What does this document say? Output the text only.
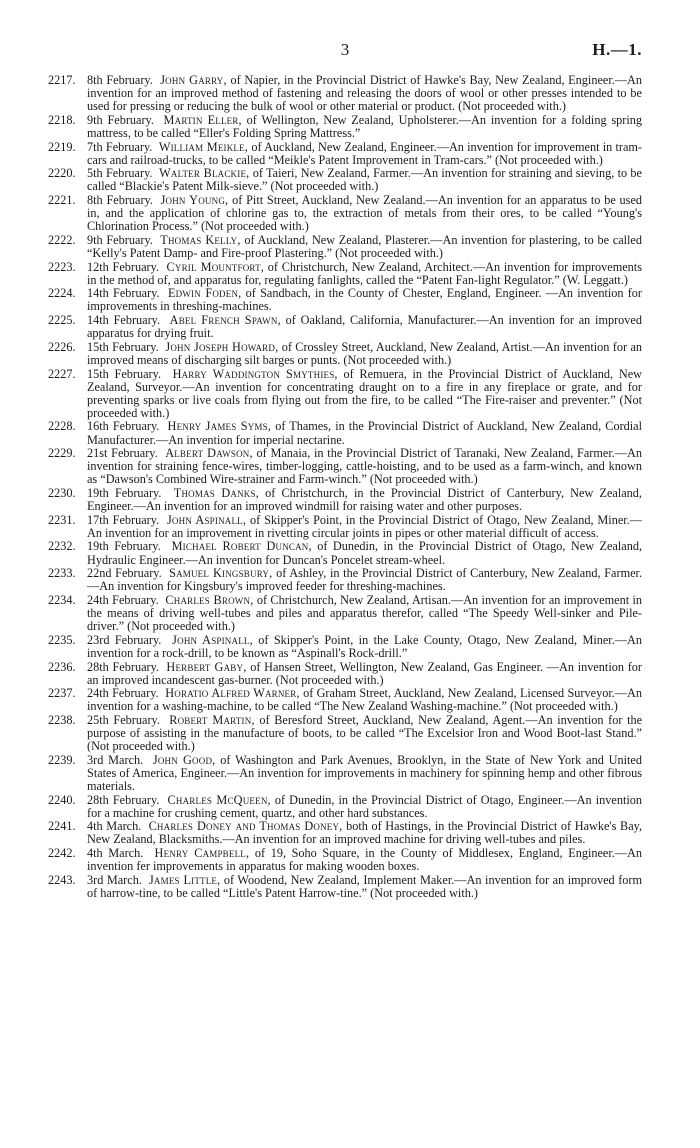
3	H.—1.
2217. 8th February. John Garry, of Napier, in the Provincial District of Hawke's Bay, New Zealand, Engineer.—An invention for an improved method of fastening and releasing the doors of wool or other presses intended to be used for pressing or reducing the bulk of wool or other material or product. (Not proceeded with.)
2218. 9th February. Martin Eller, of Wellington, New Zealand, Upholsterer.—An invention for a folding spring mattress, to be called “Eller's Folding Spring Mattress.”
2219. 7th February. William Meikle, of Auckland, New Zealand, Engineer.—An invention for improvement in tram-cars and railroad-trucks, to be called “Meikle's Patent Improvement in Tram-cars.” (Not proceeded with.)
2220. 5th February. Walter Blackie, of Taieri, New Zealand, Farmer.—An invention for straining and sieving, to be called “Blackie's Patent Milk-sieve.” (Not proceeded with.)
2221. 8th February. John Young, of Pitt Street, Auckland, New Zealand.—An invention for an apparatus to be used in, and the application of chlorine gas to, the extraction of metals from their ores, to be called “Young's Chlorination Process.” (Not proceeded with.)
2222. 9th February. Thomas Kelly, of Auckland, New Zealand, Plasterer.—An invention for plastering, to be called “Kelly's Patent Damp- and Fire-proof Plastering.” (Not proceeded with.)
2223. 12th February. Cyril Mountfort, of Christchurch, New Zealand, Architect.—An invention for improvements in the method of, and apparatus for, regulating fanlights, called the “Patent Fan-light Regulator.” (W. Leggatt.)
2224. 14th February. Edwin Foden, of Sandbach, in the County of Chester, England, Engineer. —An invention for improvements in threshing-machines.
2225. 14th February. Abel French Spawn, of Oakland, California, Manufacturer.—An invention for an improved apparatus for drying fruit.
2226. 15th February. John Joseph Howard, of Crossley Street, Auckland, New Zealand, Artist.—An invention for an improved means of discharging silt barges or punts. (Not proceeded with.)
2227. 15th February. Harry Waddington Smythies, of Remuera, in the Provincial District of Auckland, New Zealand, Surveyor.—An invention for concentrating draught on to a fire in any fireplace or grate, and for preventing sparks or live coals from flying out from the fire, to be called “The Fire-raiser and preventer.” (Not proceeded with.)
2228. 16th February. Henry James Syms, of Thames, in the Provincial District of Auckland, New Zealand, Cordial Manufacturer.—An invention for imperial nectarine.
2229. 21st February. Albert Dawson, of Manaia, in the Provincial District of Taranaki, New Zealand, Farmer.—An invention for straining fence-wires, timber-logging, cattle-hoisting, and to be used as a farm-winch, and known as “Dawson's Combined Wire-strainer and Farm-winch.” (Not proceeded with.)
2230. 19th February. Thomas Danks, of Christchurch, in the Provincial District of Canterbury, New Zealand, Engineer.—An invention for an improved windmill for raising water and other purposes.
2231. 17th February. John Aspinall, of Skipper's Point, in the Provincial District of Otago, New Zealand, Miner.—An invention for an improvement in rivetting circular joints in pipes or other material difficult of access.
2232. 19th February. Michael Robert Duncan, of Dunedin, in the Provincial District of Otago, New Zealand, Hydraulic Engineer.—An invention for Duncan's Poncelet stream-wheel.
2233. 22nd February. Samuel Kingsbury, of Ashley, in the Provincial District of Canterbury, New Zealand, Farmer.—An invention for Kingsbury's improved feeder for threshing-machines.
2234. 24th February. Charles Brown, of Christchurch, New Zealand, Artisan.—An invention for an improvement in the means of driving well-tubes and piles and apparatus therefor, called “The Speedy Well-sinker and Pile-driver.” (Not proceeded with.)
2235. 23rd February. John Aspinall, of Skipper's Point, in the Lake County, Otago, New Zealand, Miner.—An invention for a rock-drill, to be known as “Aspinall's Rock-drill.”
2236. 28th February. Herbert Gaby, of Hansen Street, Wellington, New Zealand, Gas Engineer. —An invention for an improved incandescent gas-burner. (Not proceeded with.)
2237. 24th February. Horatio Alfred Warner, of Graham Street, Auckland, New Zealand, Licensed Surveyor.—An invention for a washing-machine, to be called “The New Zealand Washing-machine.” (Not proceeded with.)
2238. 25th February. Robert Martin, of Beresford Street, Auckland, New Zealand, Agent.—An invention for the purpose of assisting in the manufacture of boots, to be called “The Excelsior Iron and Wood Boot-last Stand.” (Not proceeded with.)
2239. 3rd March. John Good, of Washington and Park Avenues, Brooklyn, in the State of New York and United States of America, Engineer.—An invention for improvements in machinery for spinning hemp and other fibrous materials.
2240. 28th February. Charles McQueen, of Dunedin, in the Provincial District of Otago, Engineer.—An invention for a machine for crushing cement, quartz, and other hard substances.
2241. 4th March. Charles Doney and Thomas Doney, both of Hastings, in the Provincial District of Hawke's Bay, New Zealand, Blacksmiths.—An invention for an improved machine for driving well-tubes and piles.
2242. 4th March. Henry Campbell, of 19, Soho Square, in the County of Middlesex, England, Engineer.—An invention fer improvements in apparatus for making wooden boxes.
2243. 3rd March. James Little, of Woodend, New Zealand, Implement Maker.—An invention for an improved form of harrow-tine, to be called “Little's Patent Harrow-tine.” (Not proceeded with.)
